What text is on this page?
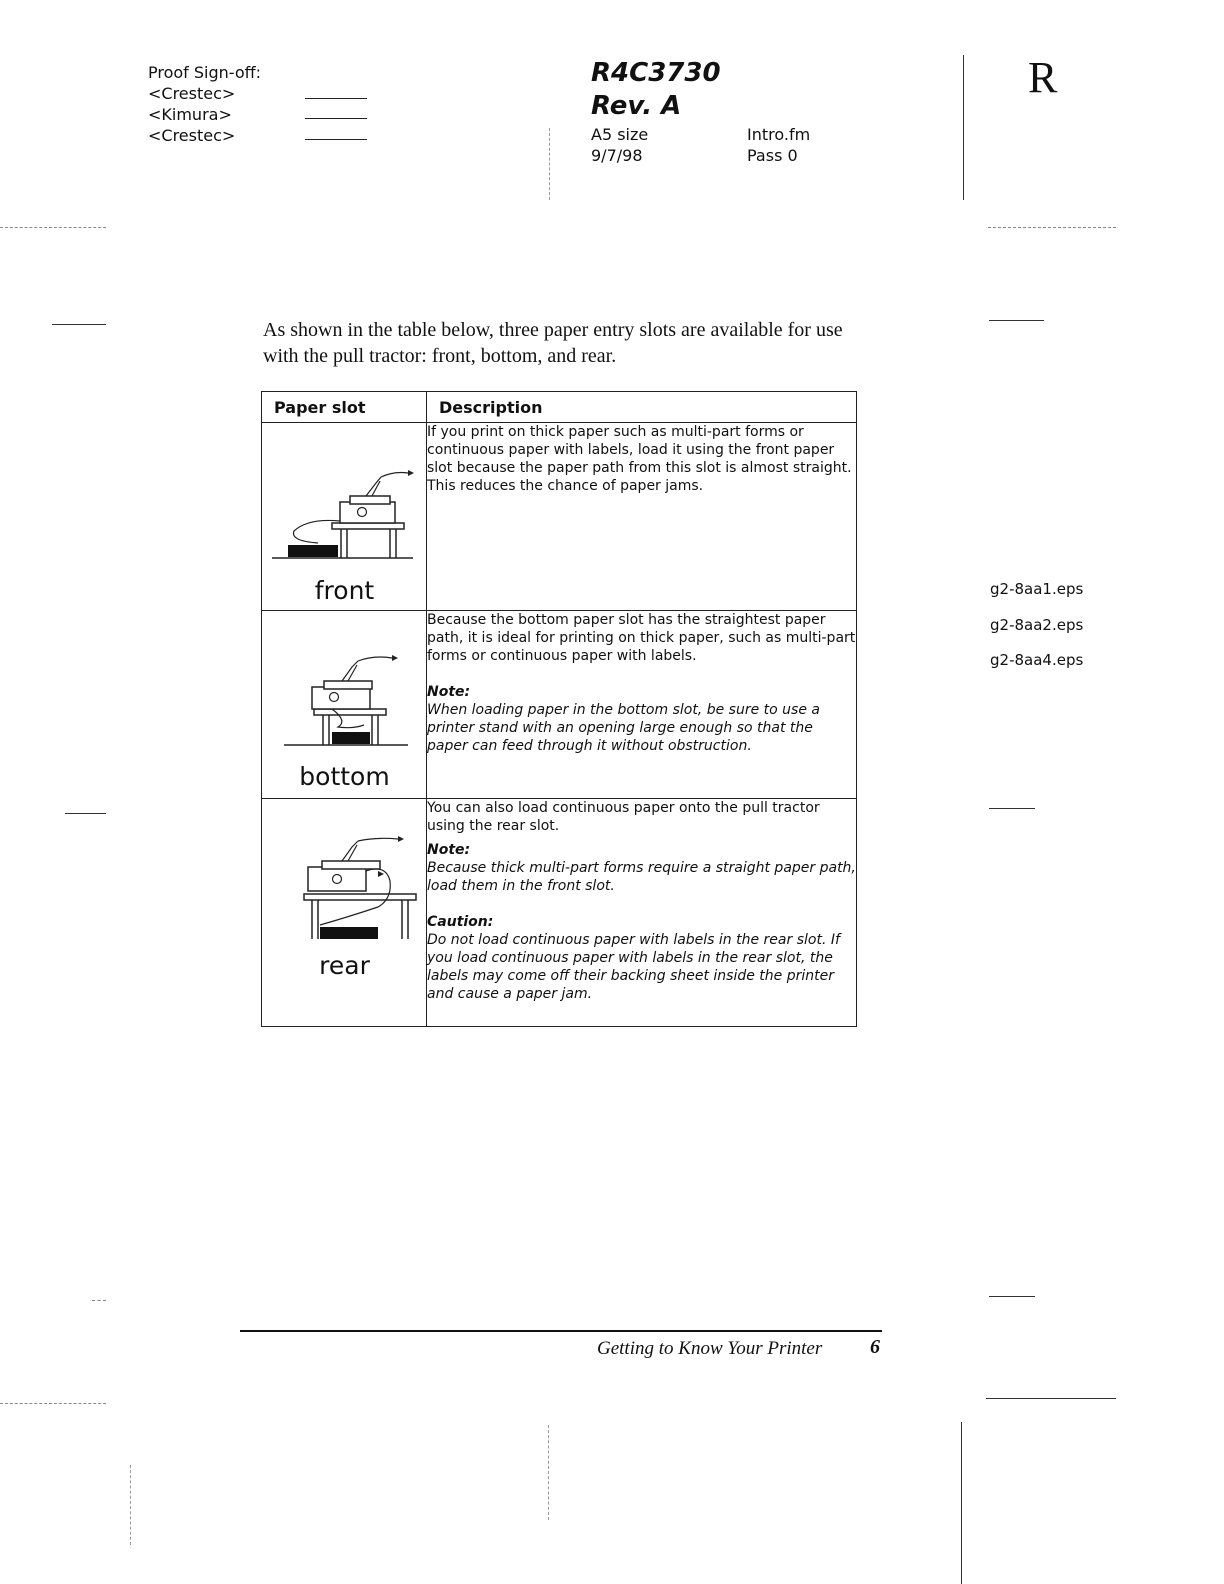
Proof Sign-off:
<Crestec>
<Kimura>
<Crestec>
R4C3730
Rev. A
A5 size
9/7/98
Intro.fm
Pass 0
R
As shown in the table below, three paper entry slots are available for use with the pull tractor: front, bottom, and rear.
Paper slot	Description

front	If you print on thick paper such as multi-part forms or continuous paper with labels, load it using the front paper slot because the paper path from this slot is almost straight. This reduces the chance of paper jams.

bottom	Because the bottom paper slot has the straightest paper path, it is ideal for printing on thick paper, such as multi-part forms or continuous paper with labels.

Note:

When loading paper in the bottom slot, be sure to use a printer stand with an opening large enough so that the paper can feed through it without obstruction.

rear	You can also load continuous paper onto the pull tractor using the rear slot.

Note:

Because thick multi-part forms require a straight paper path, load them in the front slot.

Caution:

Do not load continuous paper with labels in the rear slot. If you load continuous paper with labels in the rear slot, the labels may come off their backing sheet inside the printer and cause a paper jam.

g2-8aa1.eps
g2-8aa2.eps
g2-8aa4.eps
Getting to Know Your Printer 6
